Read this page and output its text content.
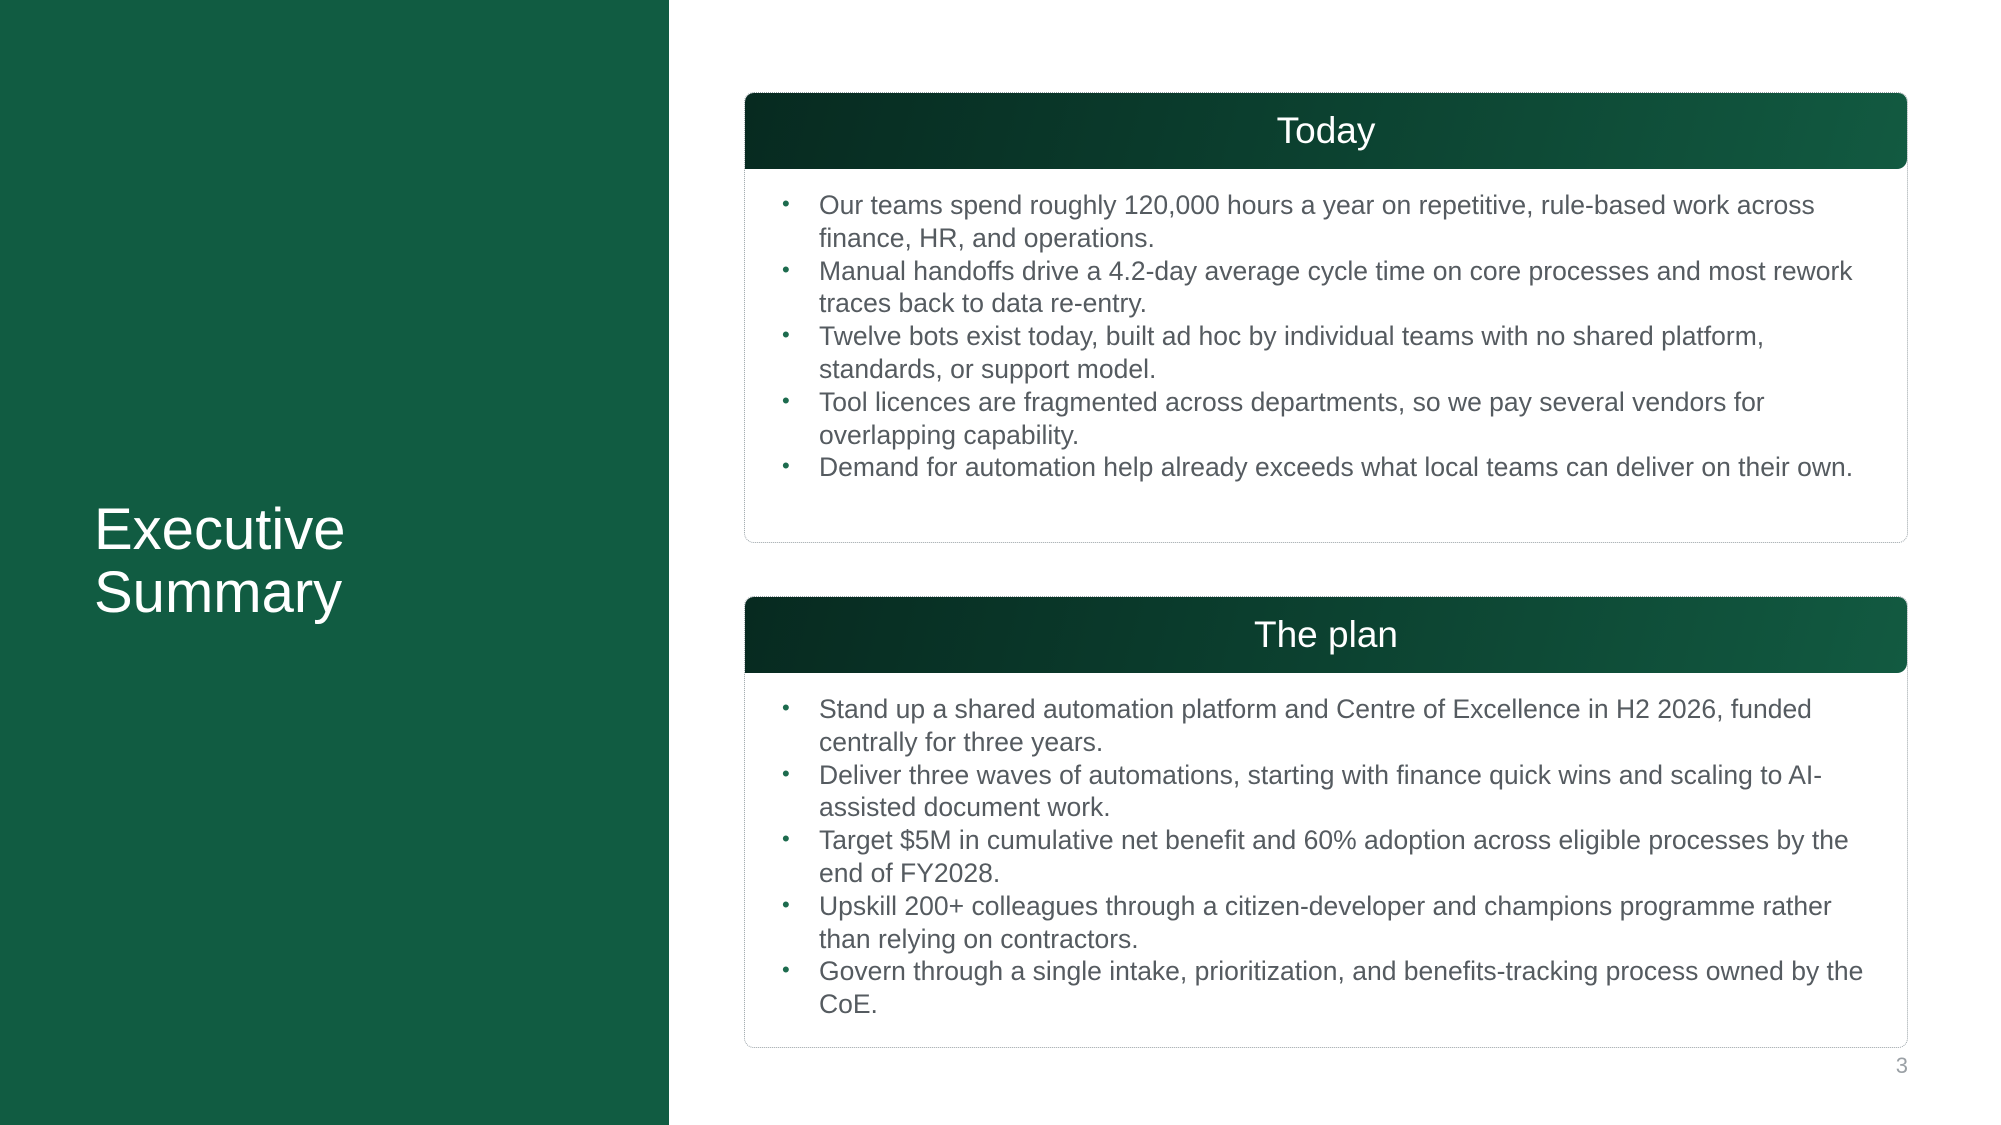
Executive
Summary
Today
• Our teams spend roughly 120,000 hours a year on repetitive, rule-based work across finance, HR, and operations.
• Manual handoffs drive a 4.2-day average cycle time on core processes and most rework traces back to data re-entry.
• Twelve bots exist today, built ad hoc by individual teams with no shared platform, standards, or support model.
• Tool licences are fragmented across departments, so we pay several vendors for overlapping capability.
• Demand for automation help already exceeds what local teams can deliver on their own.
The plan
• Stand up a shared automation platform and Centre of Excellence in H2 2026, funded centrally for three years.
• Deliver three waves of automations, starting with finance quick wins and scaling to AI-assisted document work.
• Target $5M in cumulative net benefit and 60% adoption across eligible processes by the end of FY2028.
• Upskill 200+ colleagues through a citizen-developer and champions programme rather than relying on contractors.
• Govern through a single intake, prioritization, and benefits-tracking process owned by the CoE.
3
